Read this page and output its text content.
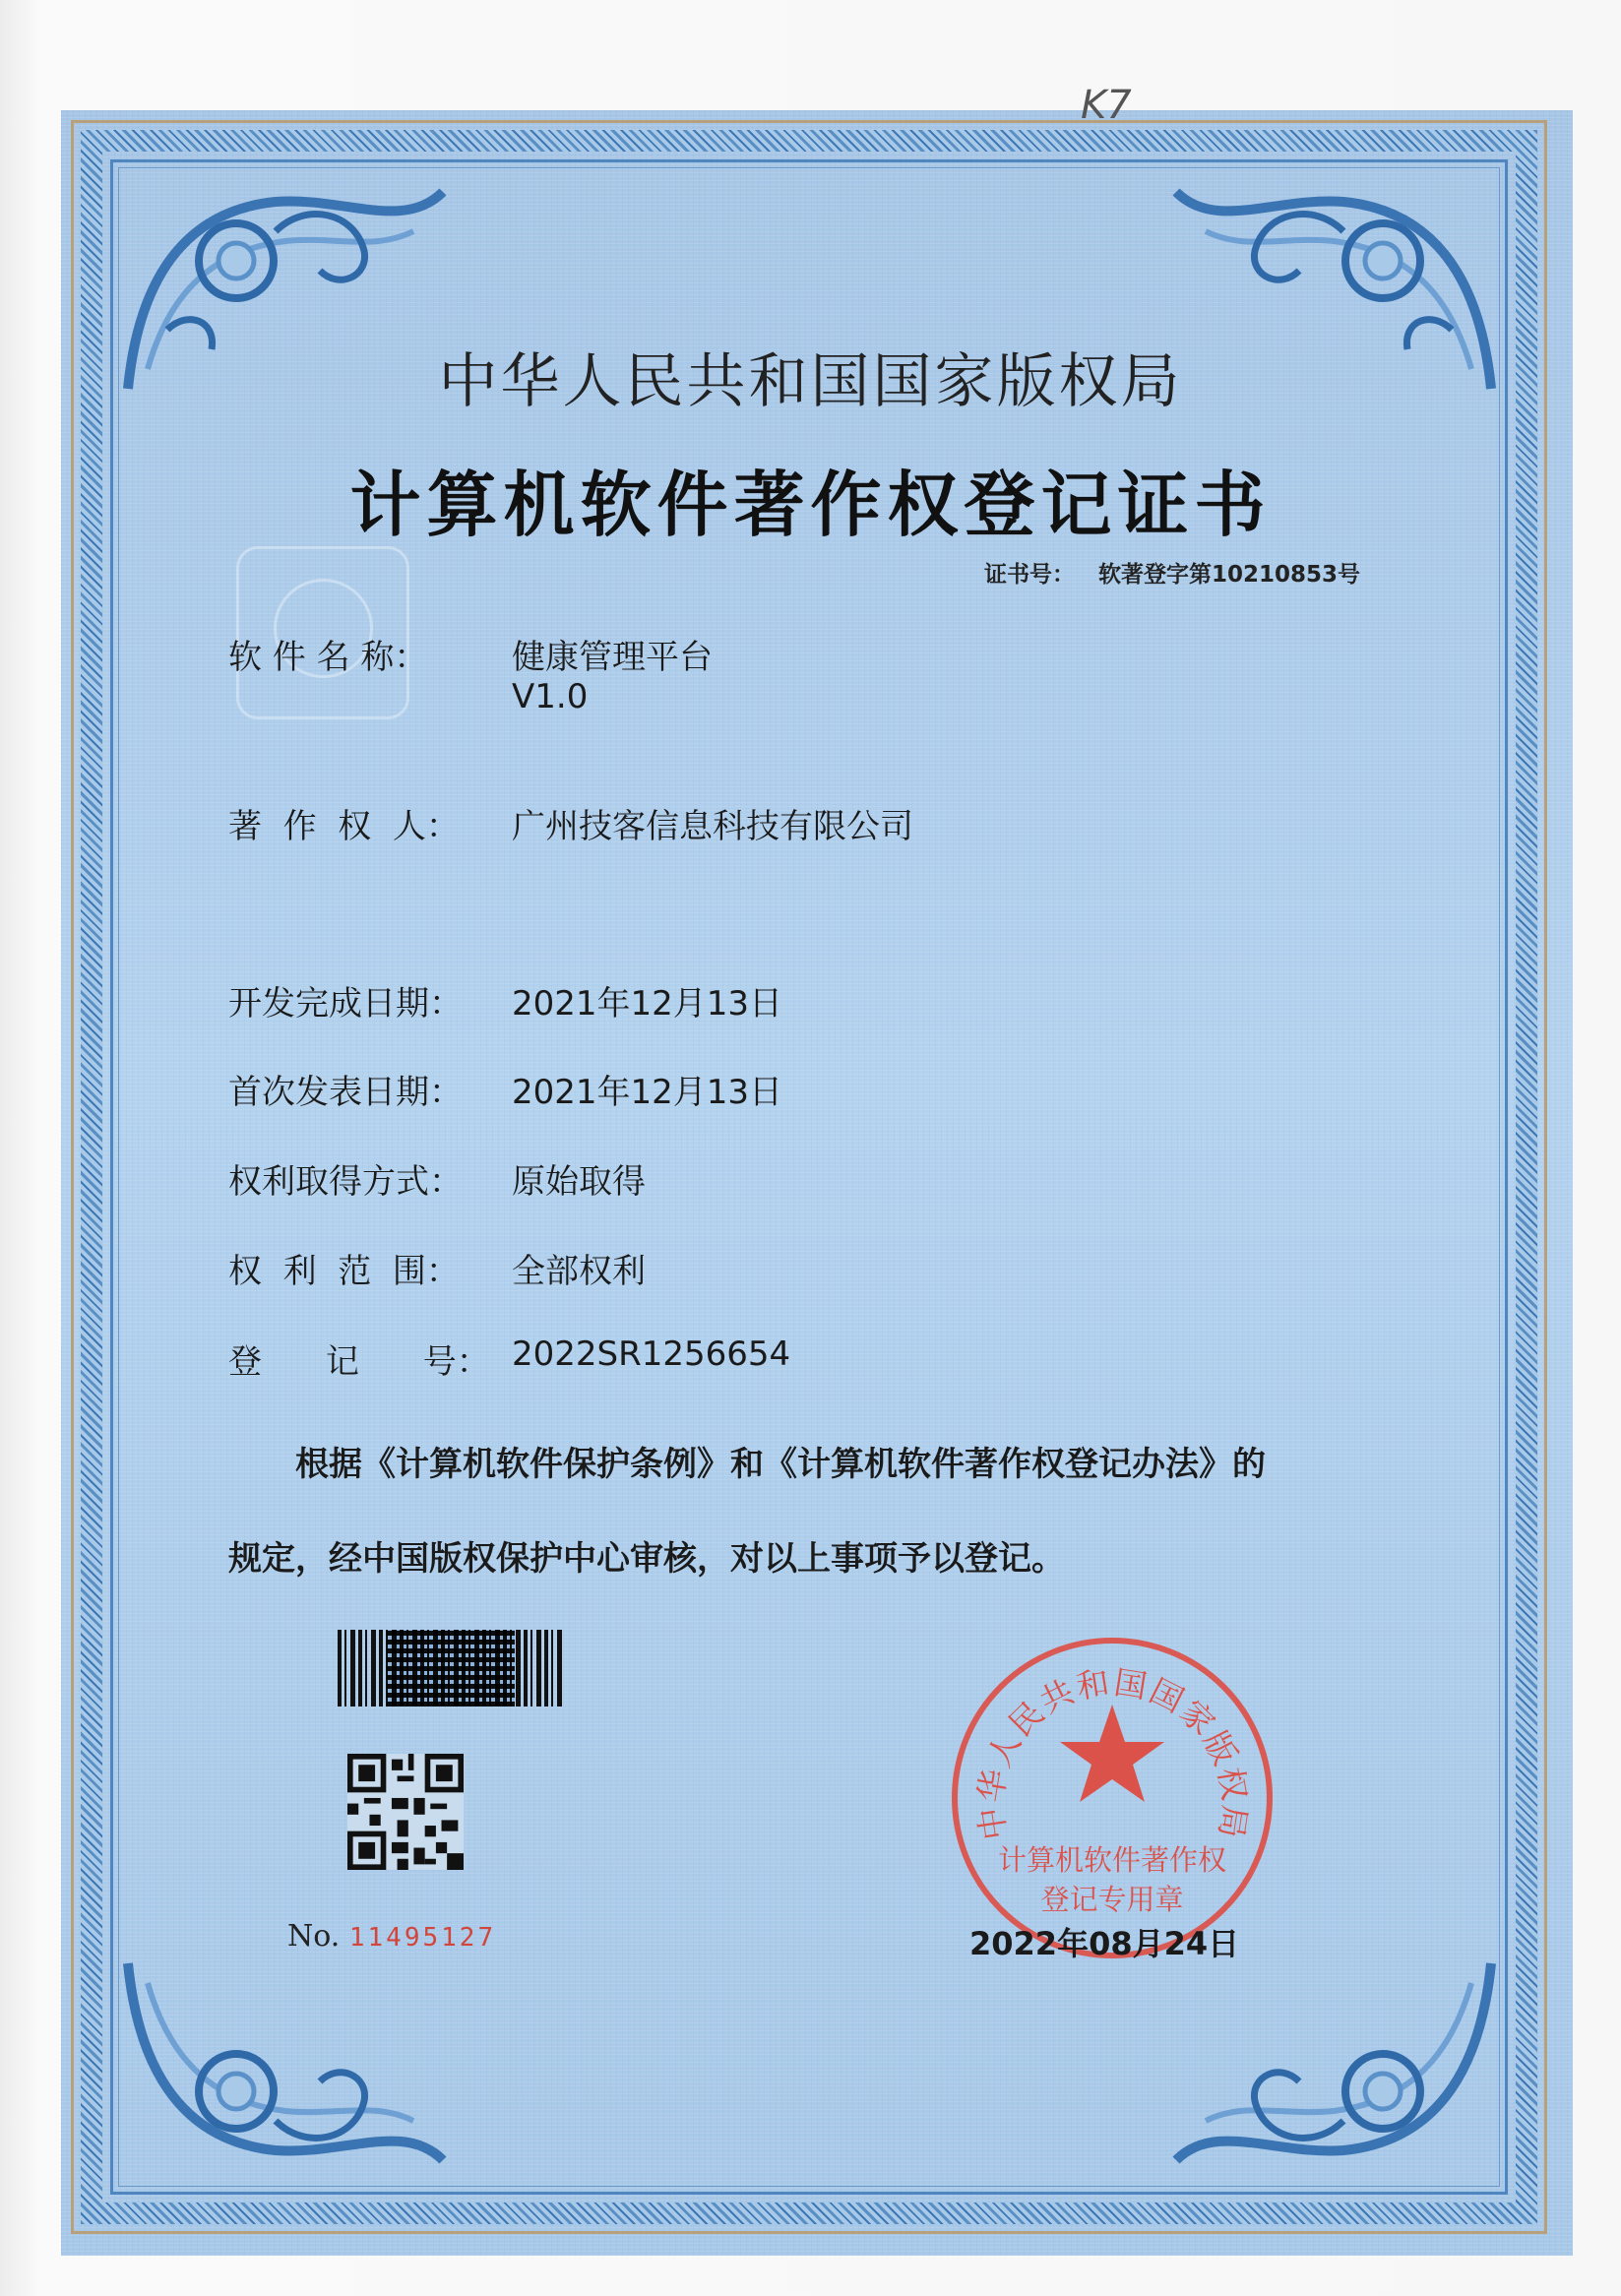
K7
中华人民共和国国家版权局
计算机软件著作权登记证书
证书号： 软著登字第10210853号
软 件 名 称：	健康管理平台
V1.0
著  作  权  人： 广州技客信息科技有限公司
开发完成日期： 2021年12月13日
首次发表日期： 2021年12月13日
权利取得方式： 原始取得
权  利  范  围： 全部权利
登      记      号： 2022SR1256654
根据《计算机软件保护条例》和《计算机软件著作权登记办法》的
规定，经中国版权保护中心审核，对以上事项予以登记。
No. 11495127
中华人民共和国国家版权局
计算机软件著作权
登记专用章
2022年08月24日
